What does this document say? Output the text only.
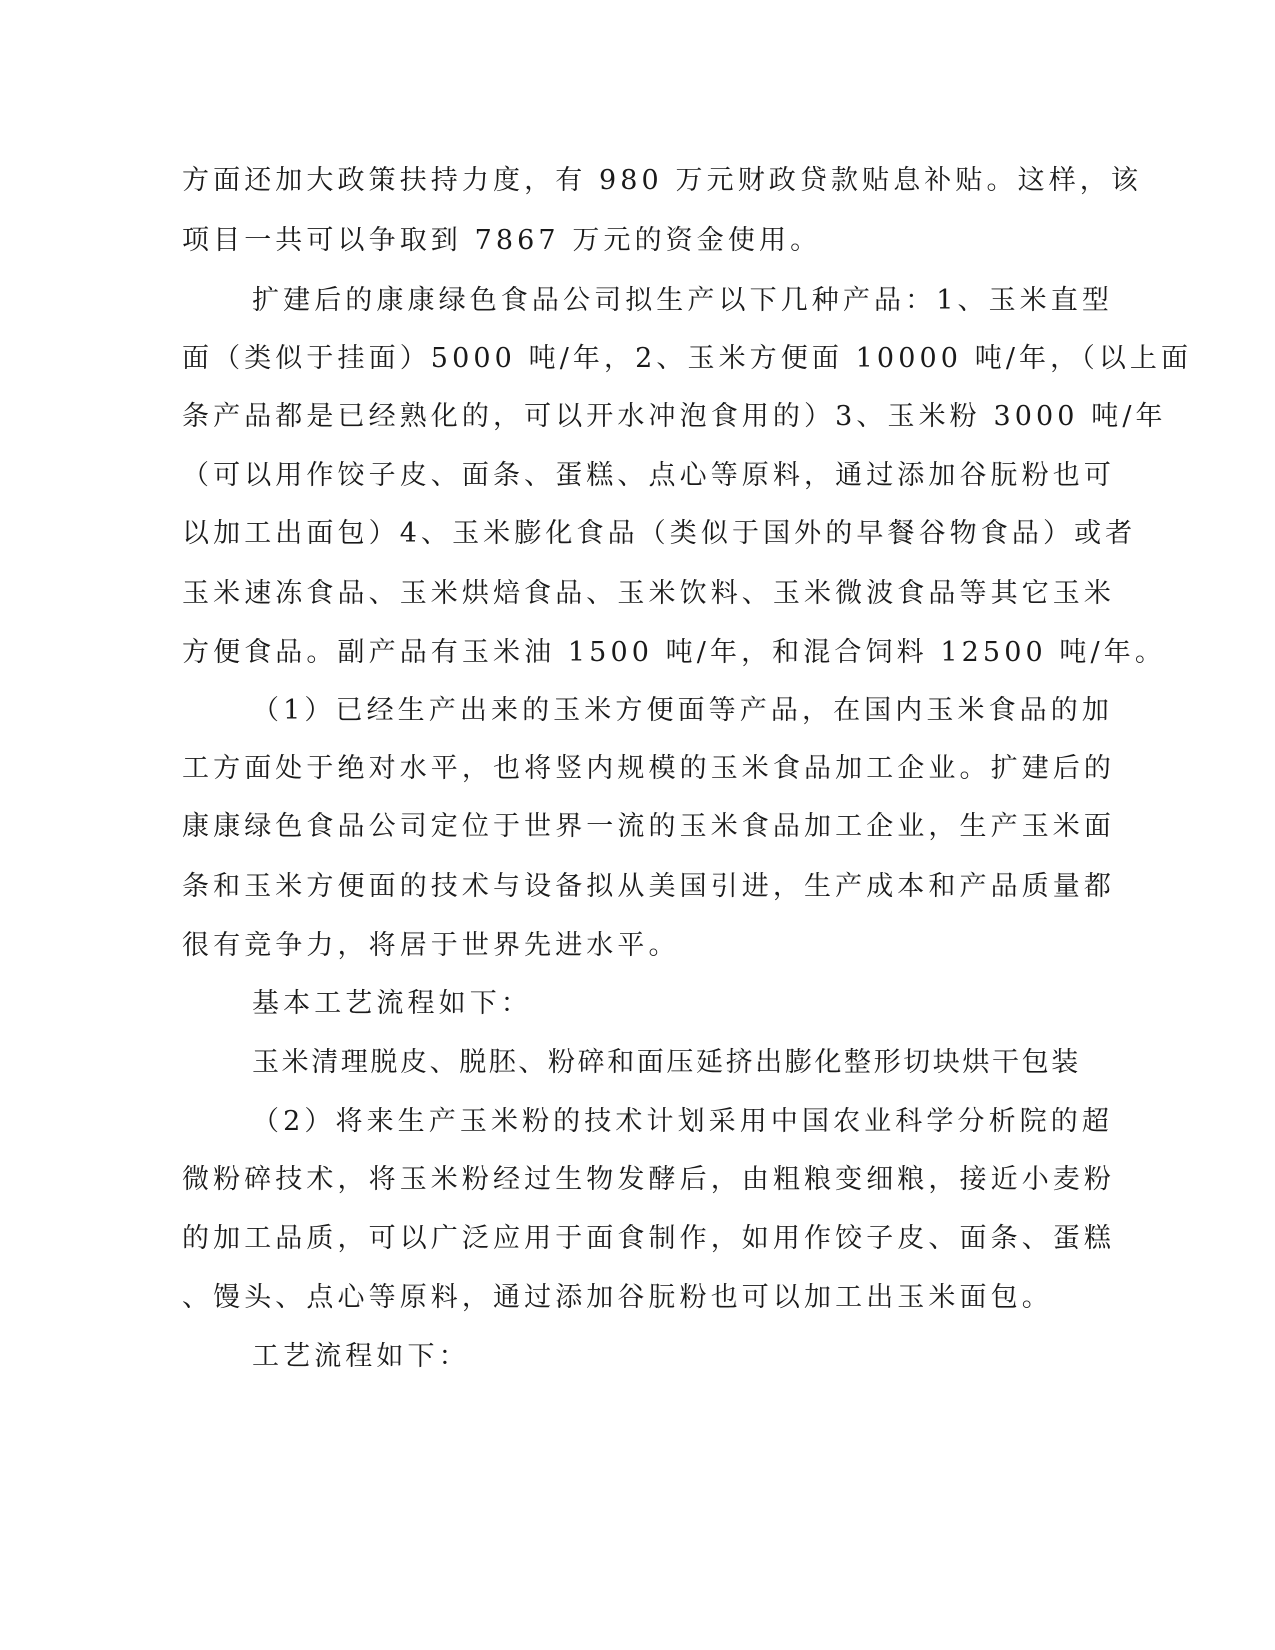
方面还加大政策扶持力度，有 980 万元财政贷款贴息补贴。这样，该
项目一共可以争取到 7867 万元的资金使用。
扩建后的康康绿色食品公司拟生产以下几种产品：1、玉米直型
面（类似于挂面）5000 吨/年，2、玉米方便面 10000 吨/年，（以上面
条产品都是已经熟化的，可以开水冲泡食用的）3、玉米粉 3000 吨/年
（可以用作饺子皮、面条、蛋糕、点心等原料，通过添加谷朊粉也可
以加工出面包）4、玉米膨化食品（类似于国外的早餐谷物食品）或者
玉米速冻食品、玉米烘焙食品、玉米饮料、玉米微波食品等其它玉米
方便食品。副产品有玉米油 1500 吨/年，和混合饲料 12500 吨/年。
（1）已经生产出来的玉米方便面等产品，在国内玉米食品的加
工方面处于绝对水平，也将竖内规模的玉米食品加工企业。扩建后的
康康绿色食品公司定位于世界一流的玉米食品加工企业，生产玉米面
条和玉米方便面的技术与设备拟从美国引进，生产成本和产品质量都
很有竞争力，将居于世界先进水平。
基本工艺流程如下：
玉米清理脱皮、脱胚、粉碎和面压延挤出膨化整形切块烘干包装
（2）将来生产玉米粉的技术计划采用中国农业科学分析院的超
微粉碎技术，将玉米粉经过生物发酵后，由粗粮变细粮，接近小麦粉
的加工品质，可以广泛应用于面食制作，如用作饺子皮、面条、蛋糕
、馒头、点心等原料，通过添加谷朊粉也可以加工出玉米面包。
工艺流程如下：
